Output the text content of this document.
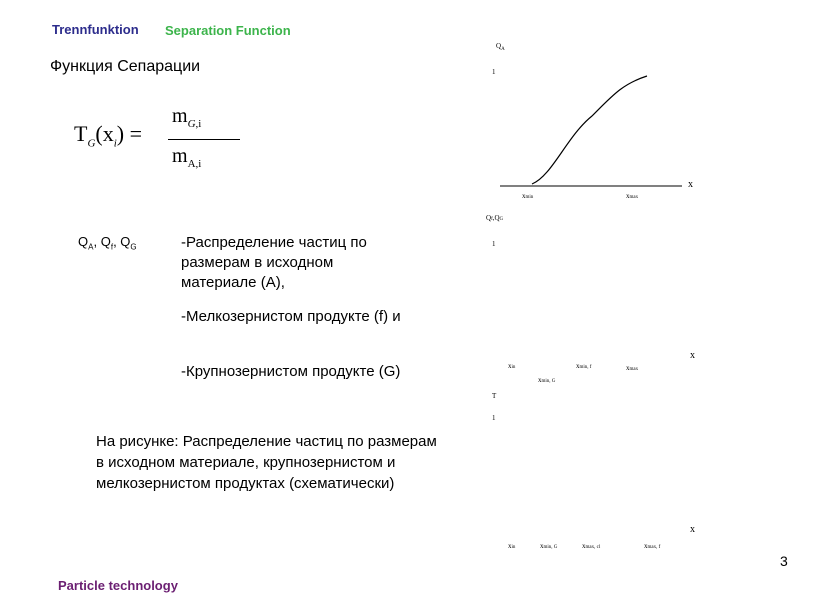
Trennfunktion Separation Function
Функция Сепарации
$T_G(x_i)$ =
$m_{G,i}$
$m_{A,i}$
$Q_A$, $Q_f$, $Q_G$	-Распределение частиц по размерам в исходном материале (А),
-Мелкозернистом продукте (f) и
-Крупнозернистом продукте (G)
На рисунке: Распределение частиц по размерам в исходном материале, крупнозернистом и мелкозернистом продуктах (схематически)
$Q_A$
1
x
xmin	xmax
Qf,QG
1
x
xin	xmin, f	xmax
xmin, G
T
1
x
xin	xmin, G	xmax, cl	xmax, f
Particle technology
3
